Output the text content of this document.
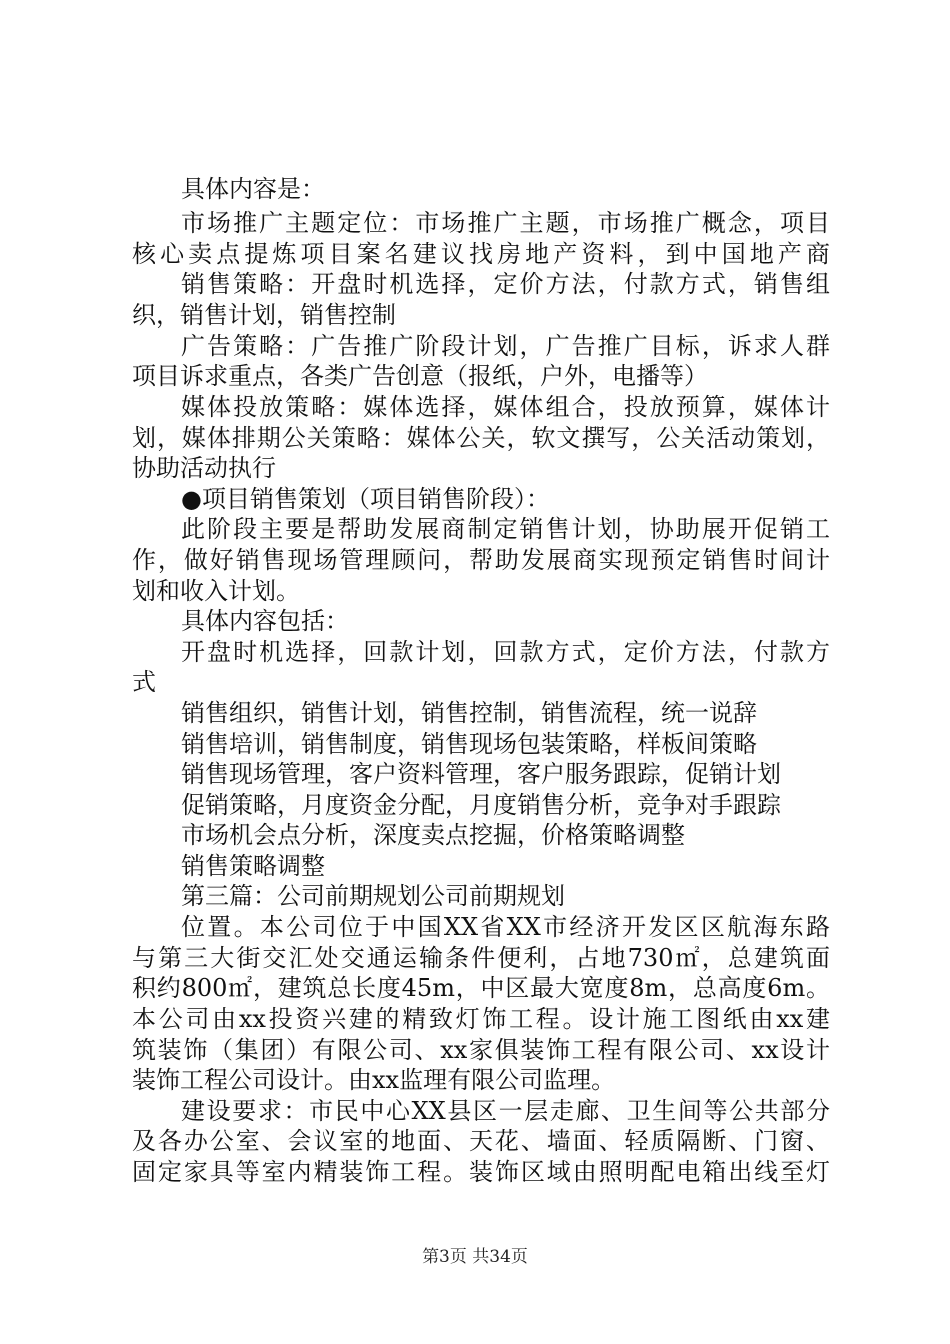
具体内容是：
市场推广主题定位：市场推广主题，市场推广概念，项目
核心卖点提炼项目案名建议找房地产资料，到中国地产商
销售策略：开盘时机选择，定价方法，付款方式，销售组
织，销售计划，销售控制
广告策略：广告推广阶段计划，广告推广目标，诉求人群
项目诉求重点，各类广告创意（报纸，户外，电播等）
媒体投放策略：媒体选择，媒体组合，投放预算，媒体计
划，媒体排期公关策略：媒体公关，软文撰写，公关活动策划，
协助活动执行
●项目销售策划（项目销售阶段）：
此阶段主要是帮助发展商制定销售计划，协助展开促销工
作，做好销售现场管理顾问，帮助发展商实现预定销售时间计
划和收入计划。
具体内容包括：
开盘时机选择，回款计划，回款方式，定价方法，付款方
式
销售组织，销售计划，销售控制，销售流程，统一说辞
销售培训，销售制度，销售现场包装策略，样板间策略
销售现场管理，客户资料管理，客户服务跟踪，促销计划
促销策略，月度资金分配，月度销售分析，竞争对手跟踪
市场机会点分析，深度卖点挖掘，价格策略调整
销售策略调整
第三篇：公司前期规划公司前期规划
位置。本公司位于中国XX省XX市经济开发区区航海东路
与第三大街交汇处交通运输条件便利，占地730㎡，总建筑面
积约800㎡，建筑总长度45m，中区最大宽度8m，总高度6m。
本公司由xx投资兴建的精致灯饰工程。设计施工图纸由xx建
筑装饰（集团）有限公司、xx家俱装饰工程有限公司、xx设计
装饰工程公司设计。由xx监理有限公司监理。
建设要求：市民中心XX县区一层走廊、卫生间等公共部分
及各办公室、会议室的地面、天花、墙面、轻质隔断、门窗、
固定家具等室内精装饰工程。装饰区域由照明配电箱出线至灯
第3页 共34页
